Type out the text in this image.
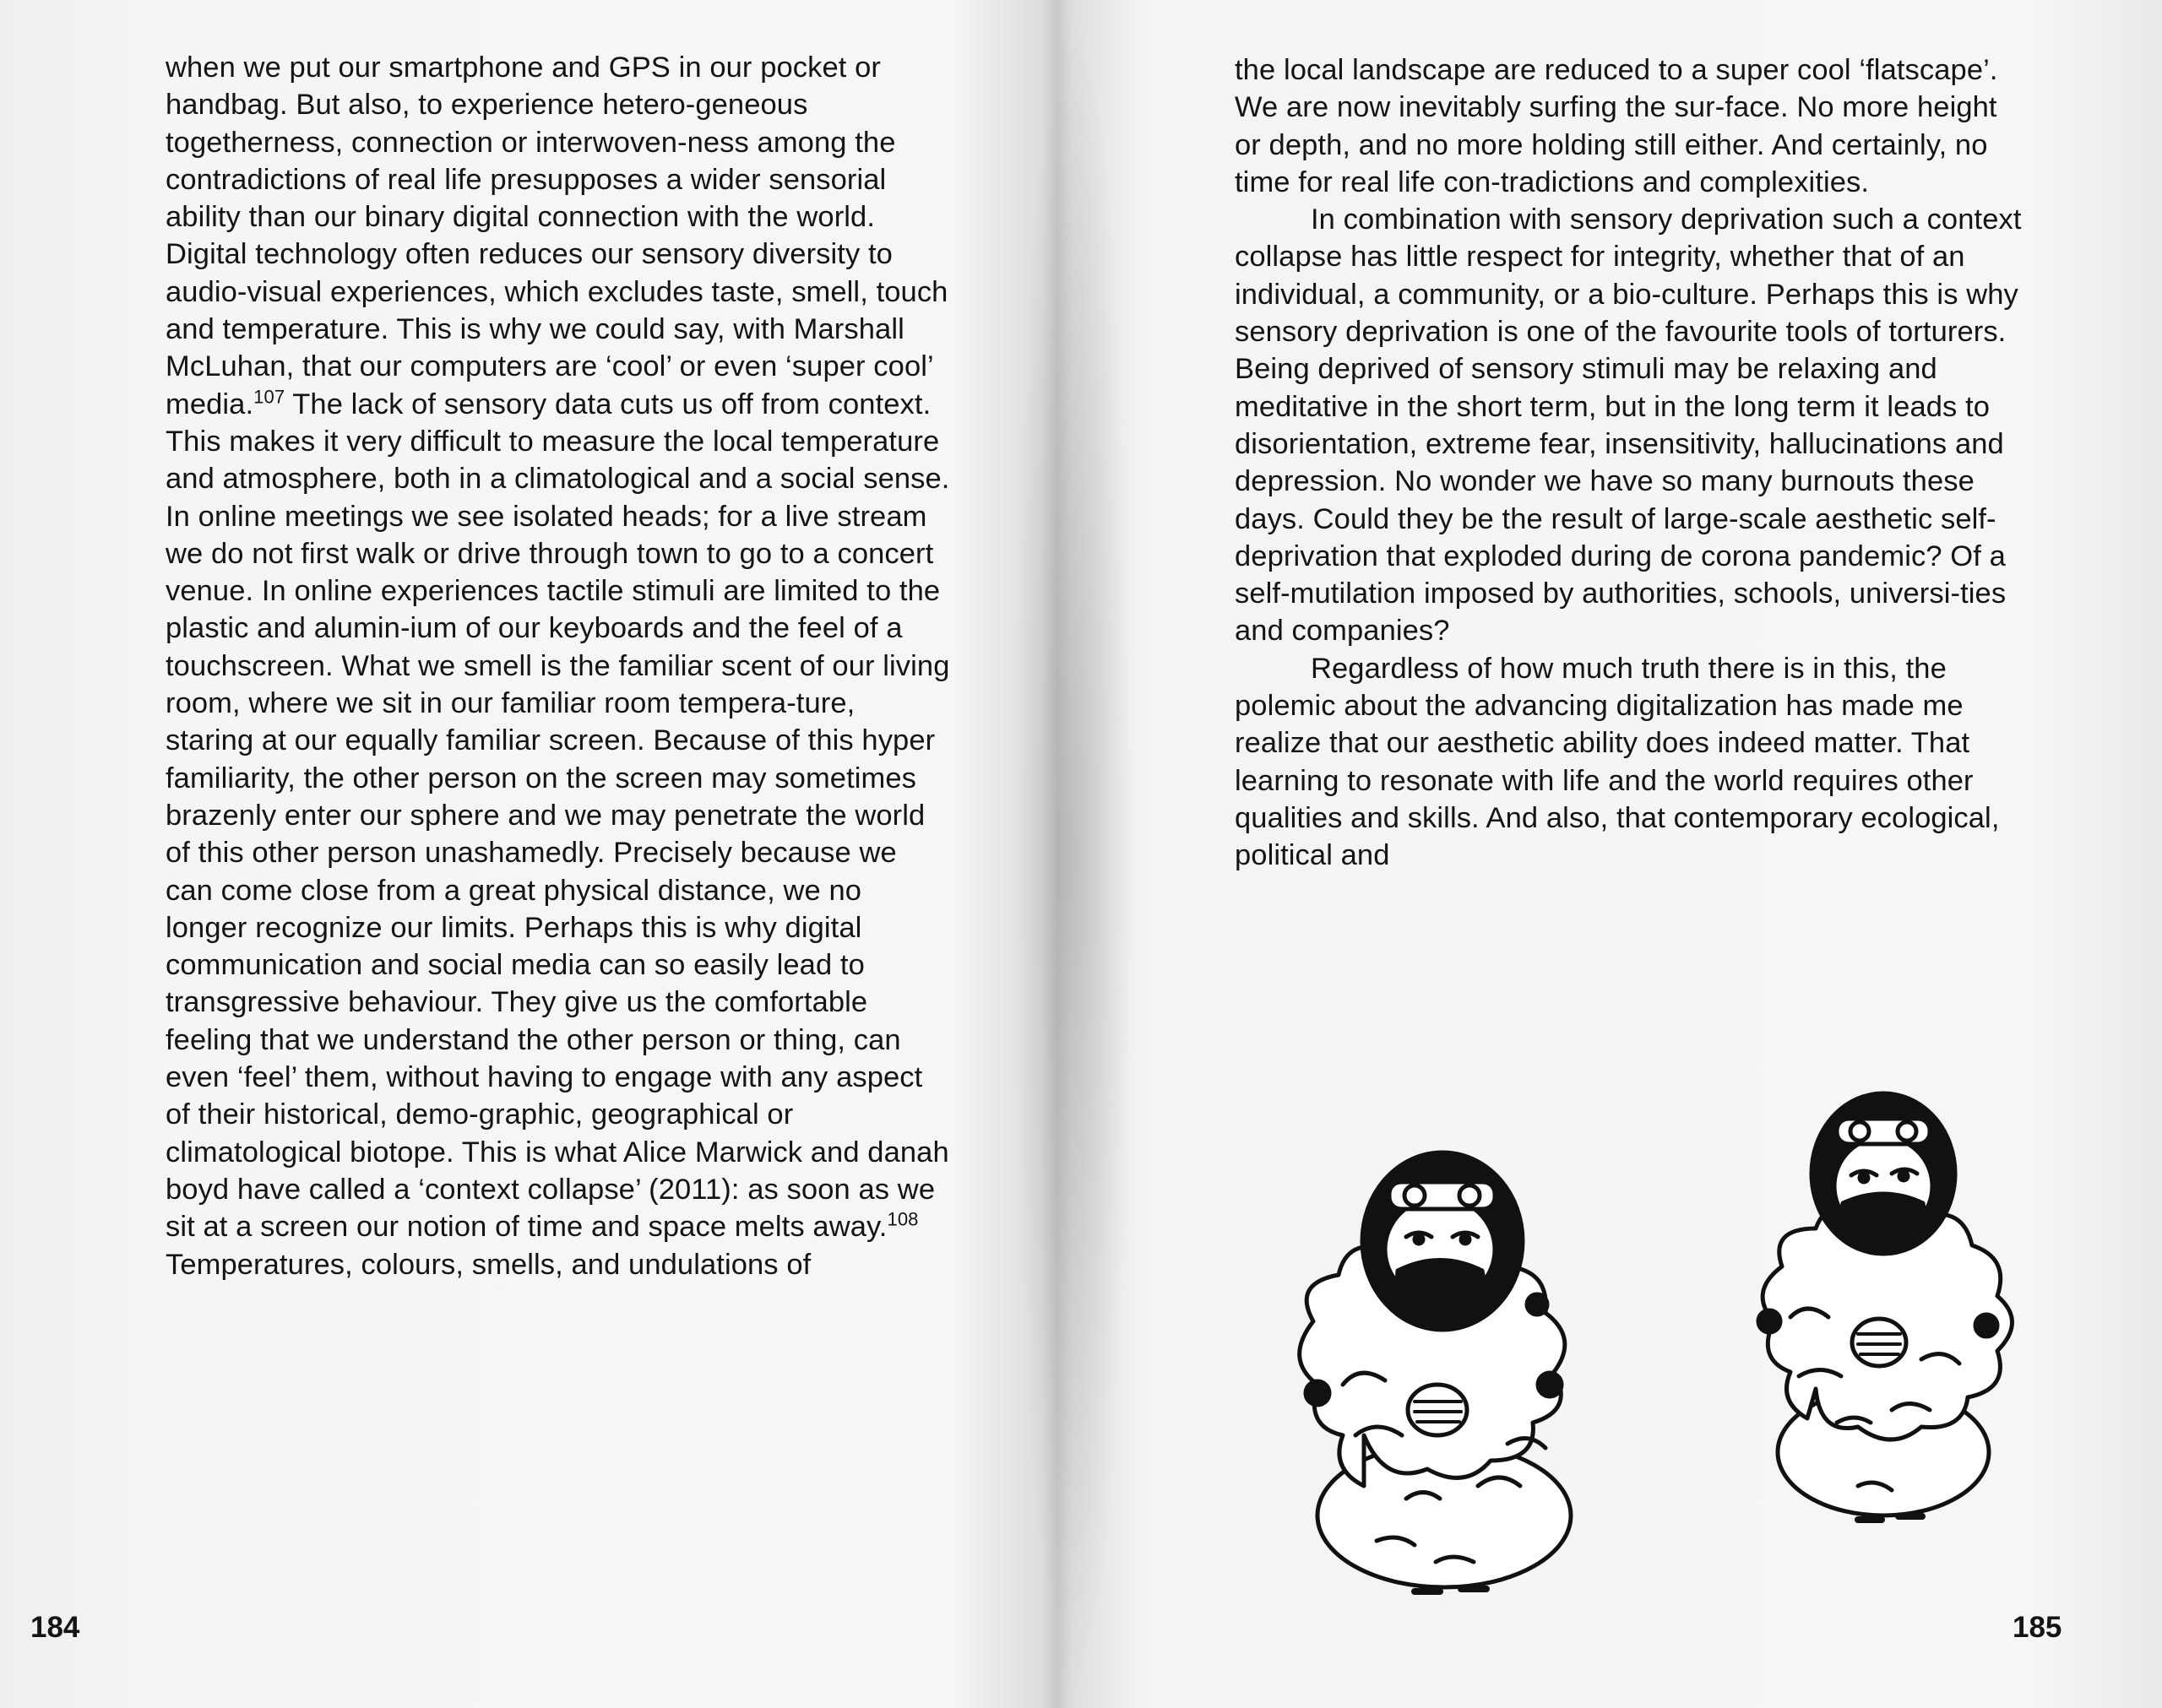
when we put our smartphone and GPS in our pocket or handbag. But also, to experience hetero-geneous togetherness, connection or interwoven-ness among the contradictions of real life presupposes a wider sensorial ability than our binary digital connection with the world. Digital technology often reduces our sensory diversity to audio-visual experiences, which excludes taste, smell, touch and temperature. This is why we could say, with Marshall McLuhan, that our computers are ‘cool’ or even ‘super cool’ media.$^{107}$ The lack of sensory data cuts us off from context. This makes it very difficult to measure the local temperature and atmosphere, both in a climatological and a social sense. In online meetings we see isolated heads; for a live stream we do not first walk or drive through town to go to a concert venue. In online experiences tactile stimuli are limited to the plastic and alumin-ium of our keyboards and the feel of a touchscreen. What we smell is the familiar scent of our living room, where we sit in our familiar room tempera-ture, staring at our equally familiar screen. Because of this hyper familiarity, the other person on the screen may sometimes brazenly enter our sphere and we may penetrate the world of this other person unashamedly. Precisely because we can come close from a great physical distance, we no longer recognize our limits. Perhaps this is why digital communication and social media can so easily lead to transgressive behaviour. They give us the comfortable feeling that we understand the other person or thing, can even ‘feel’ them, without having to engage with any aspect of their historical, demo-graphic, geographical or climatological biotope. This is what Alice Marwick and danah boyd have called a ‘context collapse’ (2011): as soon as we sit at a screen our notion of time and space melts away.$^{108}$ Temperatures, colours, smells, and undulations of

184

the local landscape are reduced to a super cool ‘flatscape’. We are now inevitably surfing the sur-face. No more height or depth, and no more holding still either. And certainly, no time for real life con-tradictions and complexities.

In combination with sensory deprivation such a context collapse has little respect for integrity, whether that of an individual, a community, or a bio-culture. Perhaps this is why sensory deprivation is one of the favourite tools of torturers. Being deprived of sensory stimuli may be relaxing and meditative in the short term, but in the long term it leads to disorientation, extreme fear, insensitivity, hallucinations and depression. No wonder we have so many burnouts these days. Could they be the result of large-scale aesthetic self-deprivation that exploded during de corona pandemic? Of a self-mutilation imposed by authorities, schools, universi-ties and companies?

Regardless of how much truth there is in this, the polemic about the advancing digitalization has made me realize that our aesthetic ability does indeed matter. That learning to resonate with life and the world requires other qualities and skills. And also, that contemporary ecological, political and

185
